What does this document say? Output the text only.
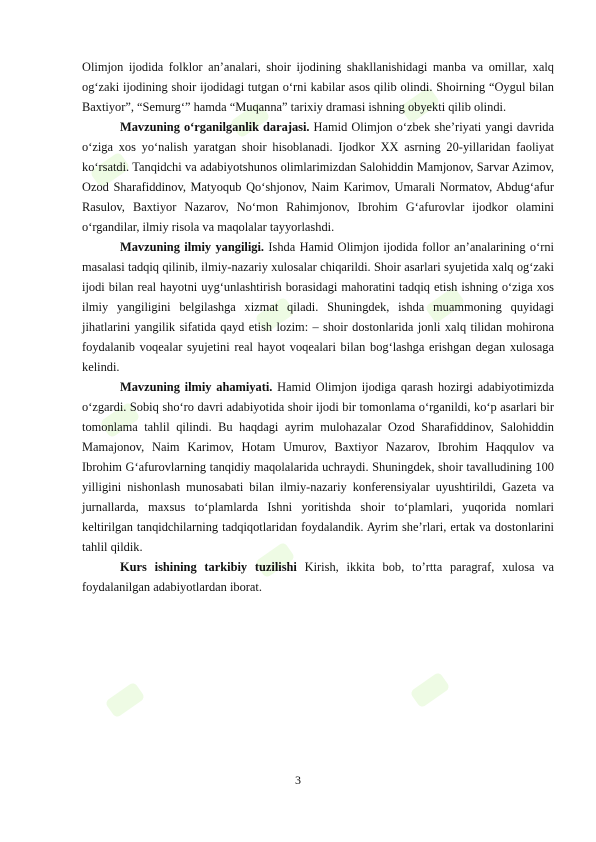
Olimjon ijodida folklor an’analari, shoir ijodining shakllanishidagi manba va omillar, xalq og‘zaki ijodining shoir ijodidagi tutgan o‘rni kabilar asos qilib olindi. Shoirning “Oygul bilan Baxtiyor”, “Semurg‘” hamda “Muqanna” tarixiy dramasi ishning obyekti qilib olindi.

Mavzuning o‘rganilganlik darajasi. Hamid Olimjon o‘zbek she’riyati yangi davrida o‘ziga xos yo‘nalish yaratgan shoir hisoblanadi. Ijodkor XX asrning 20-yillaridan faoliyat ko‘rsatdi. Tanqidchi va adabiyotshunos olimlarimizdan Salohiddin Mamjonov, Sarvar Azimov, Ozod Sharafiddinov, Matyoqub Qo‘shjonov, Naim Karimov, Umarali Normatov, Abdug‘afur Rasulov, Baxtiyor Nazarov, No‘mon Rahimjonov, Ibrohim G‘afurovlar ijodkor olamini o‘rgandilar, ilmiy risola va maqolalar tayyorlashdi.

Mavzuning ilmiy yangiligi. Ishda Hamid Olimjon ijodida follor an’analarining o‘rni masalasi tadqiq qilinib, ilmiy-nazariy xulosalar chiqarildi. Shoir asarlari syujetida xalq og‘zaki ijodi bilan real hayotni uyg‘unlashtirish borasidagi mahoratini tadqiq etish ishning o‘ziga xos ilmiy yangiligini belgilashga xizmat qiladi. Shuningdek, ishda muammoning quyidagi jihatlarini yangilik sifatida qayd etish lozim: – shoir dostonlarida jonli xalq tilidan mohirona foydalanib voqealar syujetini real hayot voqealari bilan bog‘lashga erishgan degan xulosaga kelindi.

Mavzuning ilmiy ahamiyati. Hamid Olimjon ijodiga qarash hozirgi adabiyotimizda o‘zgardi. Sobiq sho‘ro davri adabiyotida shoir ijodi bir tomonlama o‘rganildi, ko‘p asarlari bir tomonlama tahlil qilindi. Bu haqdagi ayrim mulohazalar Ozod Sharafiddinov, Salohiddin Mamajonov, Naim Karimov, Hotam Umurov, Baxtiyor Nazarov, Ibrohim Haqqulov va Ibrohim G‘afurovlarning tanqidiy maqolalarida uchraydi. Shuningdek, shoir tavalludining 100 yilligini nishonlash munosabati bilan ilmiy-nazariy konferensiyalar uyushtirildi, Gazeta va jurnallarda, maxsus to‘plamlarda Ishni yoritishda shoir to‘plamlari, yuqorida nomlari keltirilgan tanqidchilarning tadqiqotlaridan foydalandik. Ayrim she’rlari, ertak va dostonlarini tahlil qildik.

Kurs ishining tarkibiy tuzilishi Kirish, ikkita bob, to’rtta paragraf, xulosa va foydalanilgan adabiyotlardan iborat.

3
